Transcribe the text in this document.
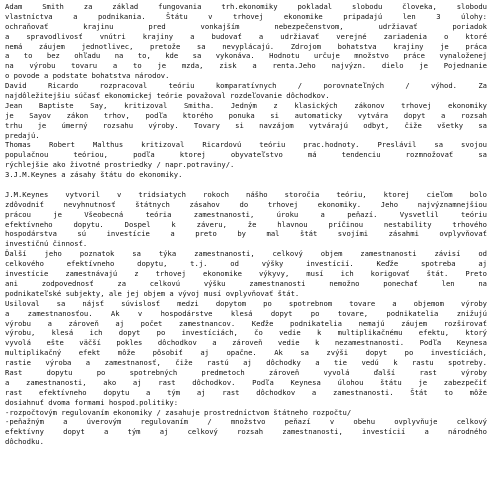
Adam Smith za základ fungovania trh.ekonomiky pokladal slobodu človeka, slobodu
vlastníctva a podnikania. Štátu v trhovej ekonomike pripadajú len 3 úlohy:
ochraňovať krajinu pred vonkajším nebezpečenstvom, udržiavať poriadok
a spravodlivosť vnútri krajiny a budovať a udržiavať verejné zariadenia o ktoré
nemá záujem jednotlivec, pretože sa nevyplácajú. Zdrojom bohatstva krajiny je práca
a to bez ohľadu na to, kde sa vykonáva. Hodnotu určuje množstvo práce vynaloženej
na výrobu tovaru a to je mzda, zisk a renta.Jeho najvýzn. dielo je Pojednanie
o povode a podstate bohatstva národov.
David Ricardo rozpracoval teóriu komparatívnych / porovnateľných / výhod. Za
najdôležitejšiu súčasť ekonomickej teórie považoval rozdeľovanie dôchodkov.
Jean Baptiste Say, kritizoval Smitha. Jedným z klasických zákonov trhovej ekonomiky
je Sayov zákon trhov, podľa ktorého ponuka si automaticky vytvára dopyt a rozsah
trhu je úmerný rozsahu výroby. Tovary si navzájom vytvárajú odbyt, čiže všetky sa
predajú.
Thomas Robert Malthus kritizoval Ricardovú teóriu prac.hodnoty. Preslávil sa svojou
populačnou teóriou, podľa ktorej obyvateľstvo má tendenciu rozmnožovať sa
rýchlejšie ako životné prostriedky / napr.potraviny/.
3.J.M.Keynes a zásahy štátu do ekonomiky.
J.M.Keynes vytvoril v tridsiatych rokoch nášho storočia teóriu, ktorej cieľom bolo
zdôvodniť nevyhnutnosť štátnych zásahov do trhovej ekonomiky. Jeho najvýznamnejšiou
prácou je Všeobecná teória zamestnanosti, úroku a peňazí. Vysvetlil teóriu
efektívneho dopytu. Dospel k záveru, že hlavnou príčinou nestability trhového
hospodárstva sú investície a preto by mal štát svojími zásahmi ovplyvňovať
investičnú činnosť.
Ďalší jeho poznatok sa týka zamestnanosti, celkový objem zamestnanosti závisí od
celkového efektívneho dopytu, t.j. od výšky investícií. Keďže spotreba aj
investície zamestnávajú z trhovej ekonomike výkyvy, musí ich korigovať štát. Preto
ani zodpovednosť za celkovú výšku zamestnanosti nemožno ponechať len na
podnikateľské subjekty, ale jej objem a vývoj musí ovplyvňovať štát.
Usiloval sa nájsť súvislosť medzi dopytom po spotrebnom tovare a objemom výroby
a zamestnanosťou. Ak v hospodárstve klesá dopyt po tovare, podnikatelia znižujú
výrobu a zároveň aj počet zamestnancov. Keďže podnikatelia nemajú záujem rozširovať
výrobu, klesá ich dopyt po investíciách, čo vedie k multiplikačnému efektu, ktorý
vyvolá ešte väčší pokles dôchodkov a zároveň vedie k nezamestnanosti. Podľa Keynesa
multiplikačný efekt môže pôsobiť aj opačne. Ak sa zvýši dopyt po investíciách,
rastie výroba a zamestnanosť, čiže rastú aj dôchodky a tie vedú k rastu spotreby.
Rast dopytu po spotrebných predmetoch zároveň vyvolá ďalší rast výroby
a zamestnanosti, ako aj rast dôchodkov. Podľa Keynesa úlohou štátu je zabezpečiť
rast efektívneho dopytu a tým aj rast dôchodkov a zamestnanosti. Štát to môže
dosiahnuť dvoma formami hospod.politiky:
-rozpočtovým regulovaním ekonomiky / zasahuje prostredníctvom štátneho rozpočtu/
-peňažným a úverovým regulovaním / množstvo peňazí v obehu ovplyvňuje celkový
efektívny dopyt a tým aj celkový rozsah zamestnanosti, investícií a národného
dôchodku.
